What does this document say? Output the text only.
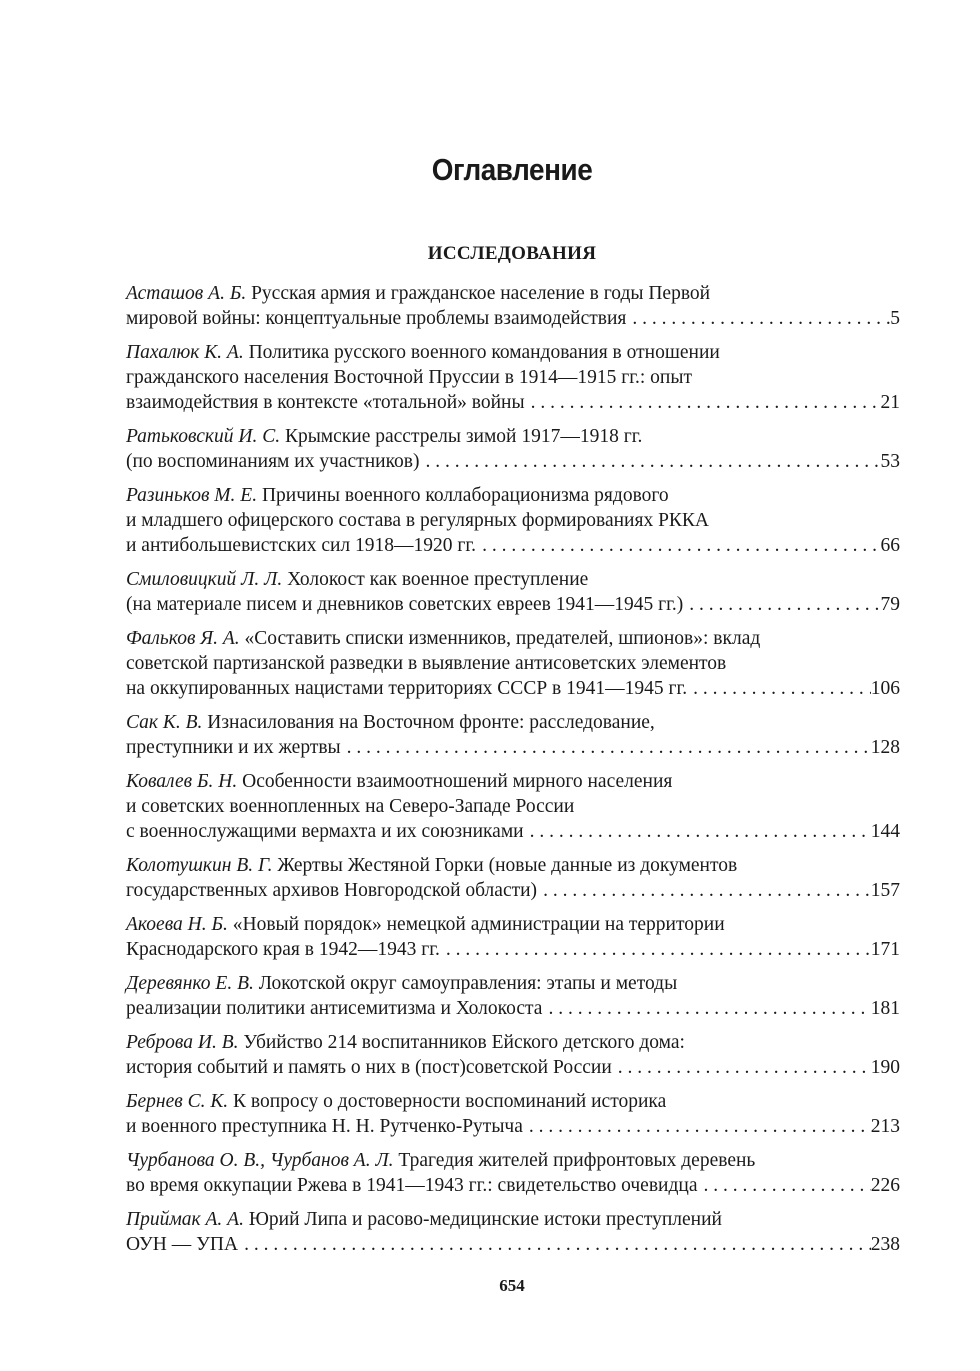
Оглавление
ИССЛЕДОВАНИЯ
Асташов А. Б. Русская армия и гражданское население в годы Первой
мировой войны: концептуальные проблемы взаимодействия . . .	5
Пахалюк К. А. Политика русского военного командования в отношении
гражданского населения Восточной Пруссии в 1914—1915 гг.: опыт
взаимодействия в контексте «тотальной» войны . . .	21
Ратьковский И. С. Крымские расстрелы зимой 1917—1918 гг.
(по воспоминаниям их участников) . . .	53
Разиньков М. Е. Причины военного коллаборационизма рядового
и младшего офицерского состава в регулярных формированиях РККА
и антибольшевистских сил 1918—1920 гг. . . .	66
Смиловицкий Л. Л. Холокост как военное преступление
(на материале писем и дневников советских евреев 1941—1945 гг.) . . .	79
Фальков Я. А. «Составить списки изменников, предателей, шпионов»: вклад
советской партизанской разведки в выявление антисоветских элементов
на оккупированных нацистами территориях СССР в 1941—1945 гг. . . .	106
Сак К. В. Изнасилования на Восточном фронте: расследование,
преступники и их жертвы . . .	128
Ковалев Б. Н. Особенности взаимоотношений мирного населения
и советских военнопленных на Северо-Западе России
с военнослужащими вермахта и их союзниками . . .	144
Колотушкин В. Г. Жертвы Жестяной Горки (новые данные из документов
государственных архивов Новгородской области) . . .	157
Акоева Н. Б. «Новый порядок» немецкой администрации на территории
Краснодарского края в 1942—1943 гг. . . .	171
Деревянко Е. В. Локотской округ самоуправления: этапы и методы
реализации политики антисемитизма и Холокоста . . .	181
Реброва И. В. Убийство 214 воспитанников Ейского детского дома:
история событий и память о них в (пост)советской России . . .	190
Бернев С. К. К вопросу о достоверности воспоминаний историка
и военного преступника Н. Н. Рутченко-Рутыча . . .	213
Чурбанова О. В., Чурбанов А. Л. Трагедия жителей прифронтовых деревень
во время оккупации Ржева в 1941—1943 гг.: свидетельство очевидца . . .	226
Приймак А. А. Юрий Липа и расово-медицинские истоки преступлений
ОУН — УПА . . .	238
654
